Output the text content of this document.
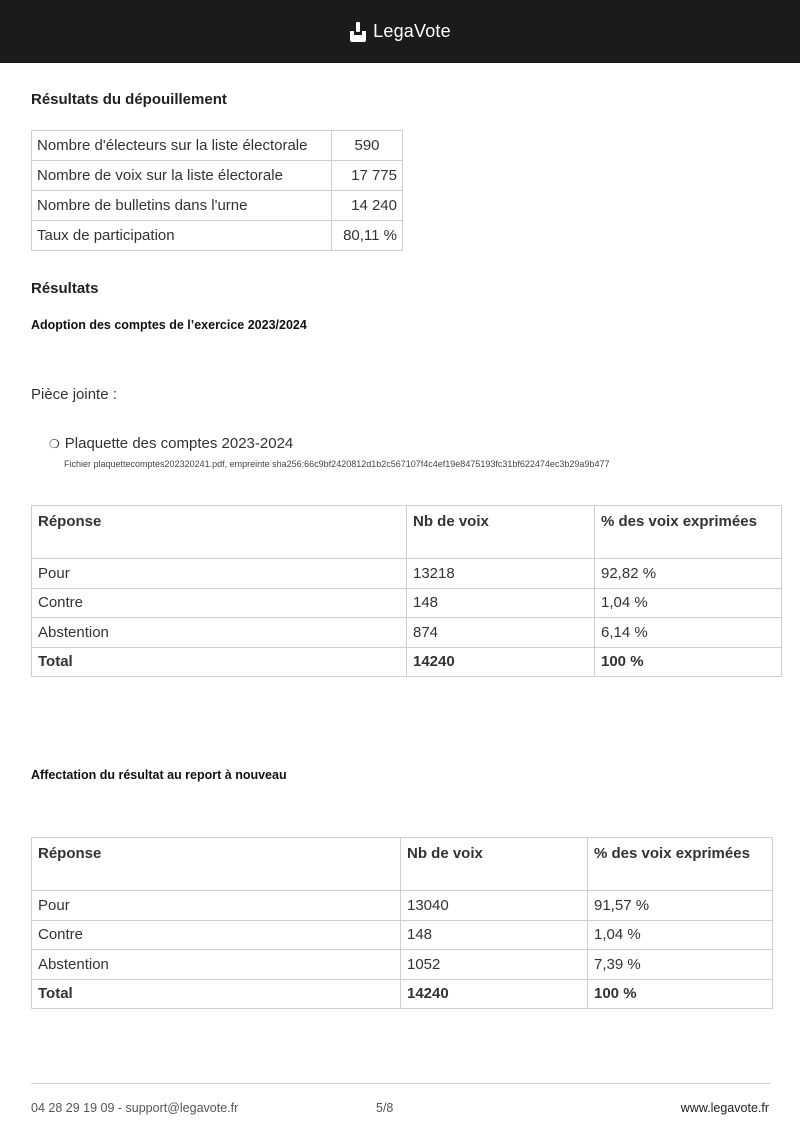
LegaVote
Résultats du dépouillement
Nombre d'électeurs sur la liste électorale	590
Nombre de voix sur la liste électorale	17 775
Nombre de bulletins dans l'urne	14 240
Taux de participation	80,11 %
Résultats
Adoption des comptes de l’exercice 2023/2024
Pièce jointe :
❍ Plaquette des comptes 2023-2024
Fichier plaquettecomptes202320241.pdf, empreinte sha256:66c9bf2420812d1b2c567107f4c4ef19e8475193fc31bf622474ec3b29a9b477
Réponse	Nb de voix	% des voix exprimées
Pour	13218	92,82 %
Contre	148	1,04 %
Abstention	874	6,14 %
Total	14240	100 %
Affectation du résultat au report à nouveau
Réponse	Nb de voix	% des voix exprimées
Pour	13040	91,57 %
Contre	148	1,04 %
Abstention	1052	7,39 %
Total	14240	100 %
04 28 29 19 09 - support@legavote.fr	5/8	www.legavote.fr
